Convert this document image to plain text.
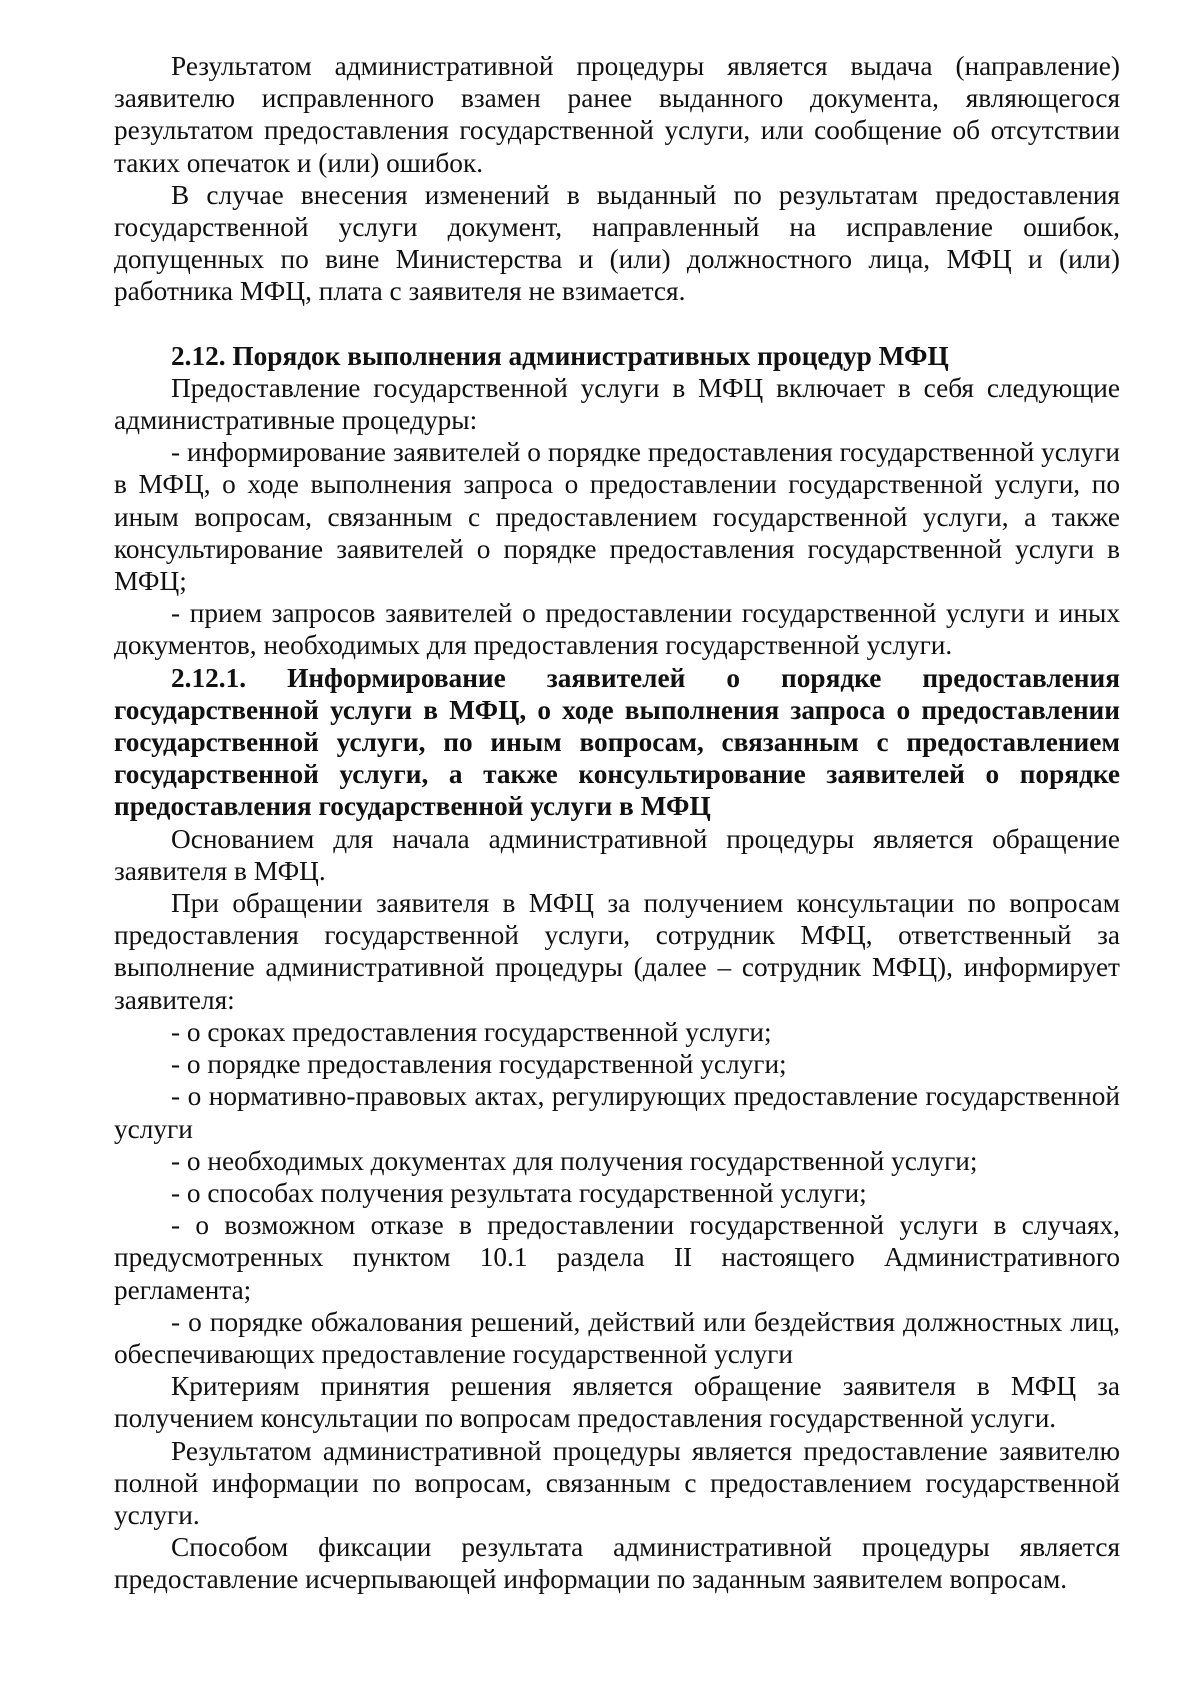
Результатом административной процедуры является выдача (направление) заявителю исправленного взамен ранее выданного документа, являющегося результатом предоставления государственной услуги, или сообщение об отсутствии таких опечаток и (или) ошибок.

В случае внесения изменений в выданный по результатам предоставления государственной услуги документ, направленный на исправление ошибок, допущенных по вине Министерства и (или) должностного лица, МФЦ и (или) работника МФЦ, плата с заявителя не взимается.

2.12. Порядок выполнения административных процедур МФЦ

Предоставление государственной услуги в МФЦ включает в себя следующие административные процедуры:

- информирование заявителей о порядке предоставления государственной услуги в МФЦ, о ходе выполнения запроса о предоставлении государственной услуги, по иным вопросам, связанным с предоставлением государственной услуги, а также консультирование заявителей о порядке предоставления государственной услуги в МФЦ;

- прием запросов заявителей о предоставлении государственной услуги и иных документов, необходимых для предоставления государственной услуги.

2.12.1. Информирование заявителей о порядке предоставления государственной услуги в МФЦ, о ходе выполнения запроса о предоставлении государственной услуги, по иным вопросам, связанным с предоставлением государственной услуги, а также консультирование заявителей о порядке предоставления государственной услуги в МФЦ

Основанием для начала административной процедуры является обращение заявителя в МФЦ.

При обращении заявителя в МФЦ за получением консультации по вопросам предоставления государственной услуги, сотрудник МФЦ, ответственный за выполнение административной процедуры (далее – сотрудник МФЦ), информирует заявителя:

- о сроках предоставления государственной услуги;

- о порядке предоставления государственной услуги;

- о нормативно-правовых актах, регулирующих предоставление государственной услуги

- о необходимых документах для получения государственной услуги;

- о способах получения результата государственной услуги;

- о возможном отказе в предоставлении государственной услуги в случаях, предусмотренных пунктом 10.1 раздела II настоящего Административного регламента;

- о порядке обжалования решений, действий или бездействия должностных лиц, обеспечивающих предоставление государственной услуги

Критериям принятия решения является обращение заявителя в МФЦ за получением консультации по вопросам предоставления государственной услуги.

Результатом административной процедуры является предоставление заявителю полной информации по вопросам, связанным с предоставлением государственной услуги.

Способом фиксации результата административной процедуры является предоставление исчерпывающей информации по заданным заявителем вопросам.
